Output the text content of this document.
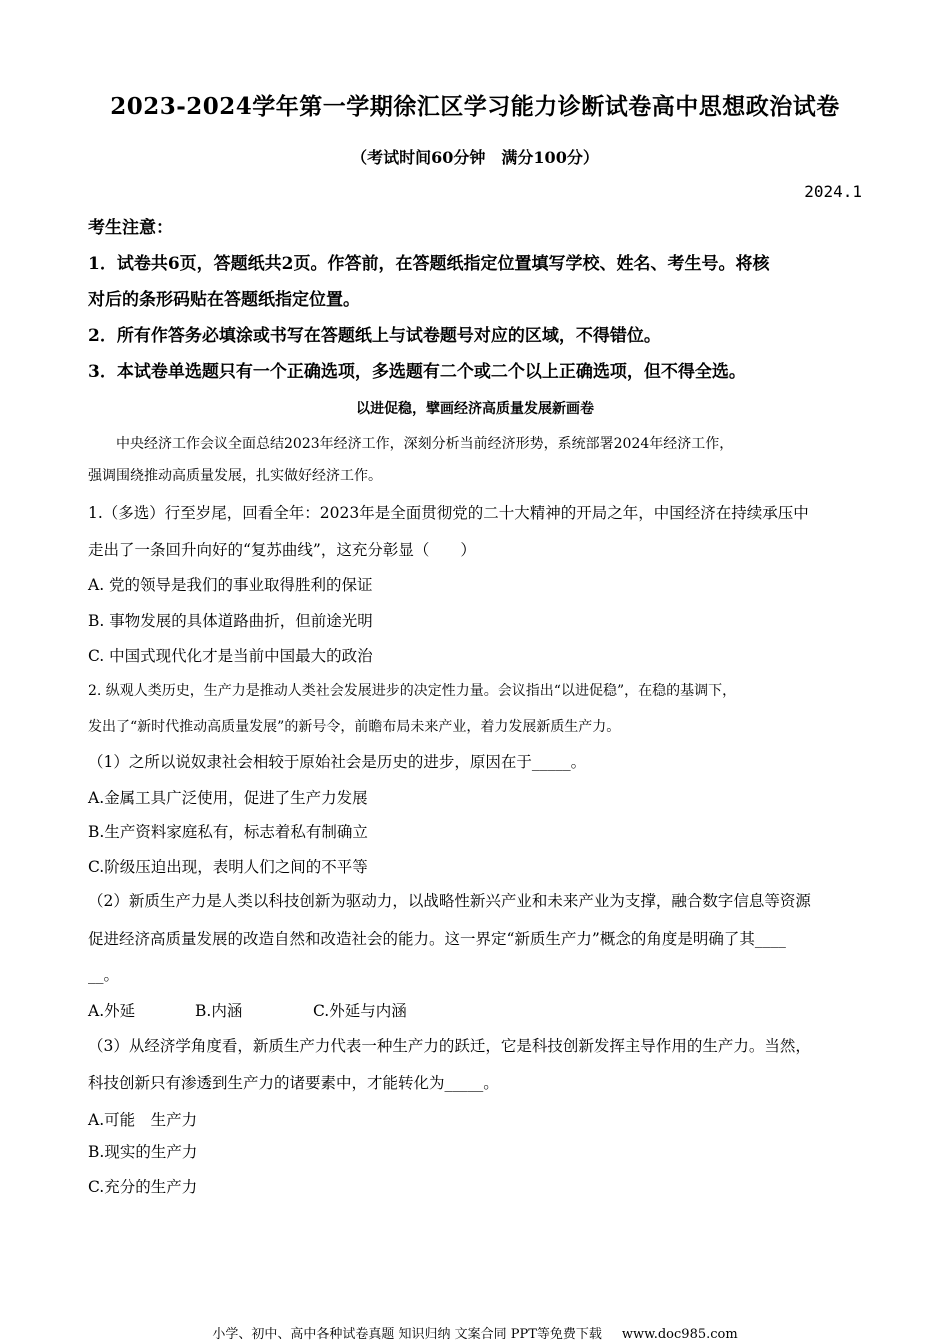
2023-2024学年第一学期徐汇区学习能力诊断试卷高中思想政治试卷
（考试时间60分钟　满分100分）
2024.1
考生注意：
1．试卷共6页，答题纸共2页。作答前，在答题纸指定位置填写学校、姓名、考生号。将核
对后的条形码贴在答题纸指定位置。
2．所有作答务必填涂或书写在答题纸上与试卷题号对应的区域，不得错位。
3．本试卷单选题只有一个正确选项，多选题有二个或二个以上正确选项，但不得全选。
以进促稳，擘画经济高质量发展新画卷
　　中央经济工作会议全面总结2023年经济工作，深刻分析当前经济形势，系统部署2024年经济工作，
强调围绕推动高质量发展，扎实做好经济工作。
1.（多选）行至岁尾，回看全年：2023年是全面贯彻党的二十大精神的开局之年，中国经济在持续承压中
走出了一条回升向好的“复苏曲线”，这充分彰显（　　）
A. 党的领导是我们的事业取得胜利的保证
B. 事物发展的具体道路曲折，但前途光明
C. 中国式现代化才是当前中国最大的政治
2. 纵观人类历史，生产力是推动人类社会发展进步的决定性力量。会议指出“以进促稳”，在稳的基调下，
发出了“新时代推动高质量发展”的新号令，前瞻布局未来产业，着力发展新质生产力。
（1）之所以说奴隶社会相较于原始社会是历史的进步，原因在于_____。
A.金属工具广泛使用，促进了生产力发展
B.生产资料家庭私有，标志着私有制确立
C.阶级压迫出现，表明人们之间的不平等
（2）新质生产力是人类以科技创新为驱动力，以战略性新兴产业和未来产业为支撑，融合数字信息等资源
促进经济高质量发展的改造自然和改造社会的能力。这一界定“新质生产力”概念的角度是明确了其____
__。
A.外延	B.内涵	C.外延与内涵
（3）从经济学角度看，新质生产力代表一种生产力的跃迁，它是科技创新发挥主导作用的生产力。当然，
科技创新只有渗透到生产力的诸要素中，才能转化为_____。
A.可能　生产力
B.现实的生产力
C.充分的生产力
小学、初中、高中各种试卷真题 知识归纳 文案合同 PPT等免费下载 www.doc985.com
